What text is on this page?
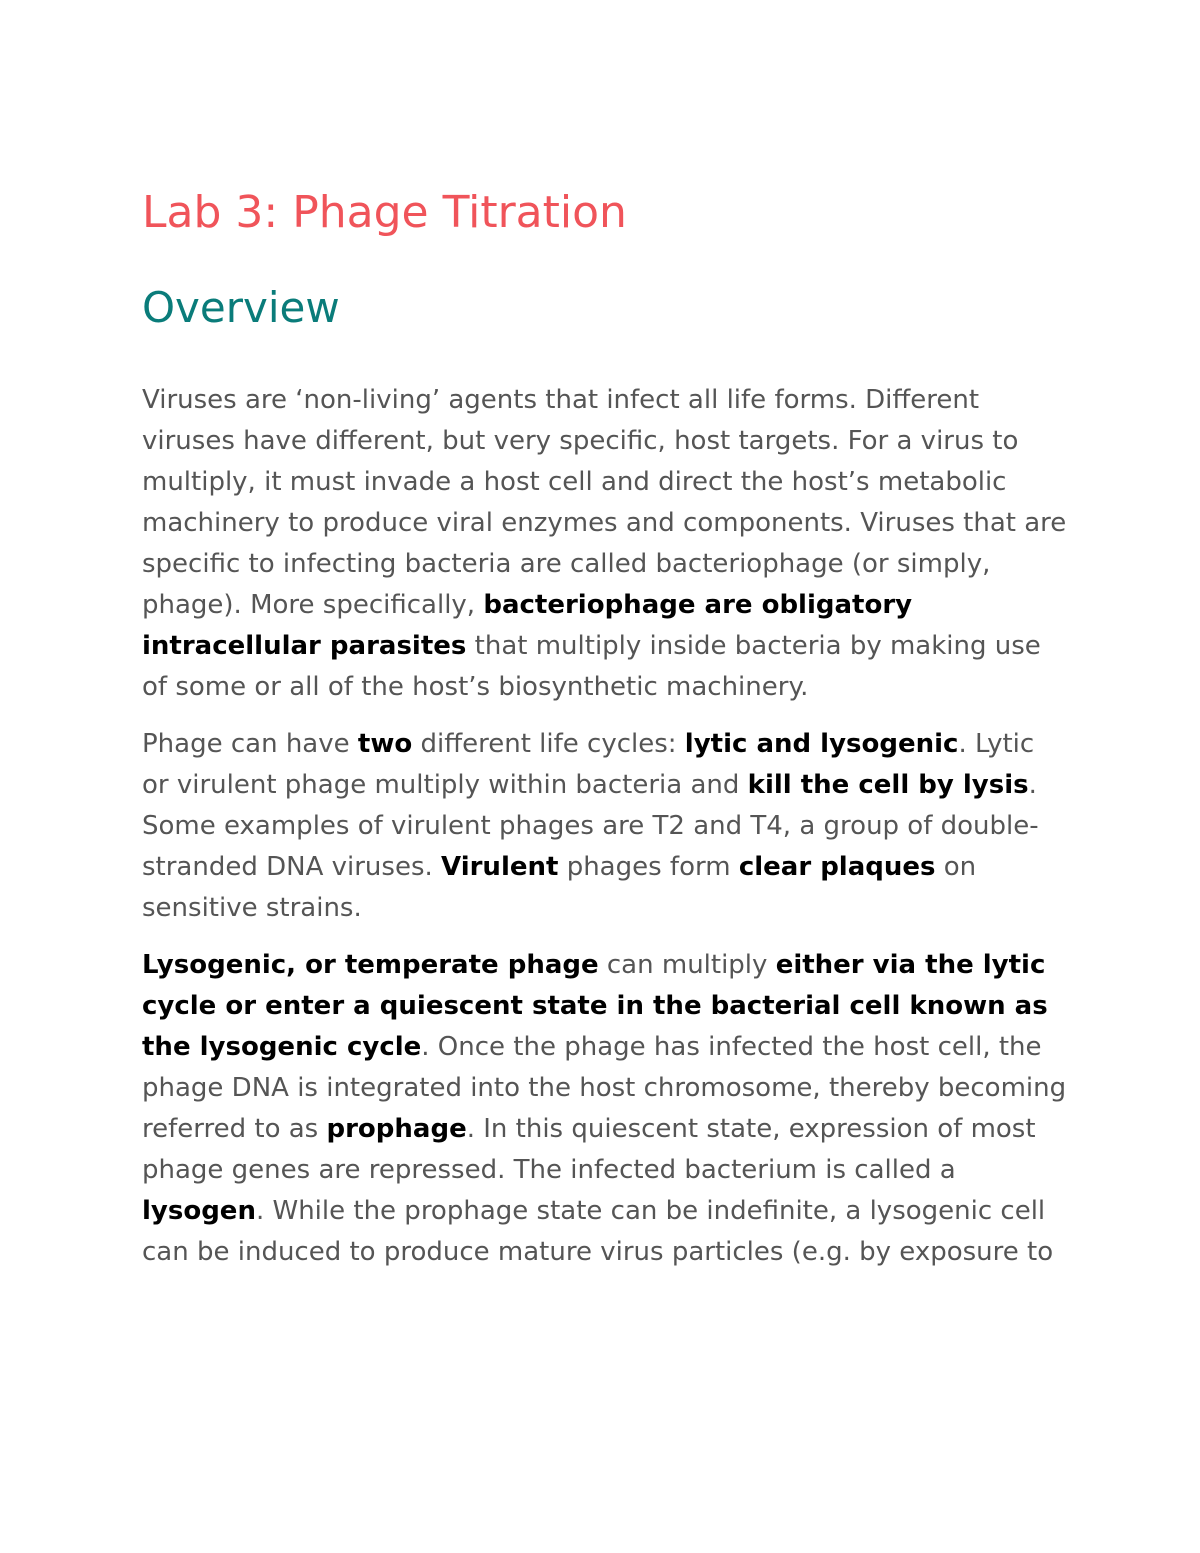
Lab 3: Phage Titration
Overview

Viruses are ‘non-living’ agents that infect all life forms. Different viruses have different, but very specific, host targets. For a virus to multiply, it must invade a host cell and direct the host’s metabolic machinery to produce viral enzymes and components. Viruses that are specific to infecting bacteria are called bacteriophage (or simply, phage). More specifically, bacteriophage are obligatory intracellular parasites that multiply inside bacteria by making use of some or all of the host’s biosynthetic machinery.

Phage can have two different life cycles: lytic and lysogenic. Lytic or virulent phage multiply within bacteria and kill the cell by lysis. Some examples of virulent phages are T2 and T4, a group of double-stranded DNA viruses. Virulent phages form clear plaques on sensitive strains.

Lysogenic, or temperate phage can multiply either via the lytic cycle or enter a quiescent state in the bacterial cell known as the lysogenic cycle. Once the phage has infected the host cell, the phage DNA is integrated into the host chromosome, thereby becoming referred to as prophage. In this quiescent state, expression of most phage genes are repressed. The infected bacterium is called a lysogen. While the prophage state can be indefinite, a lysogenic cell can be induced to produce mature virus particles (e.g. by exposure to
